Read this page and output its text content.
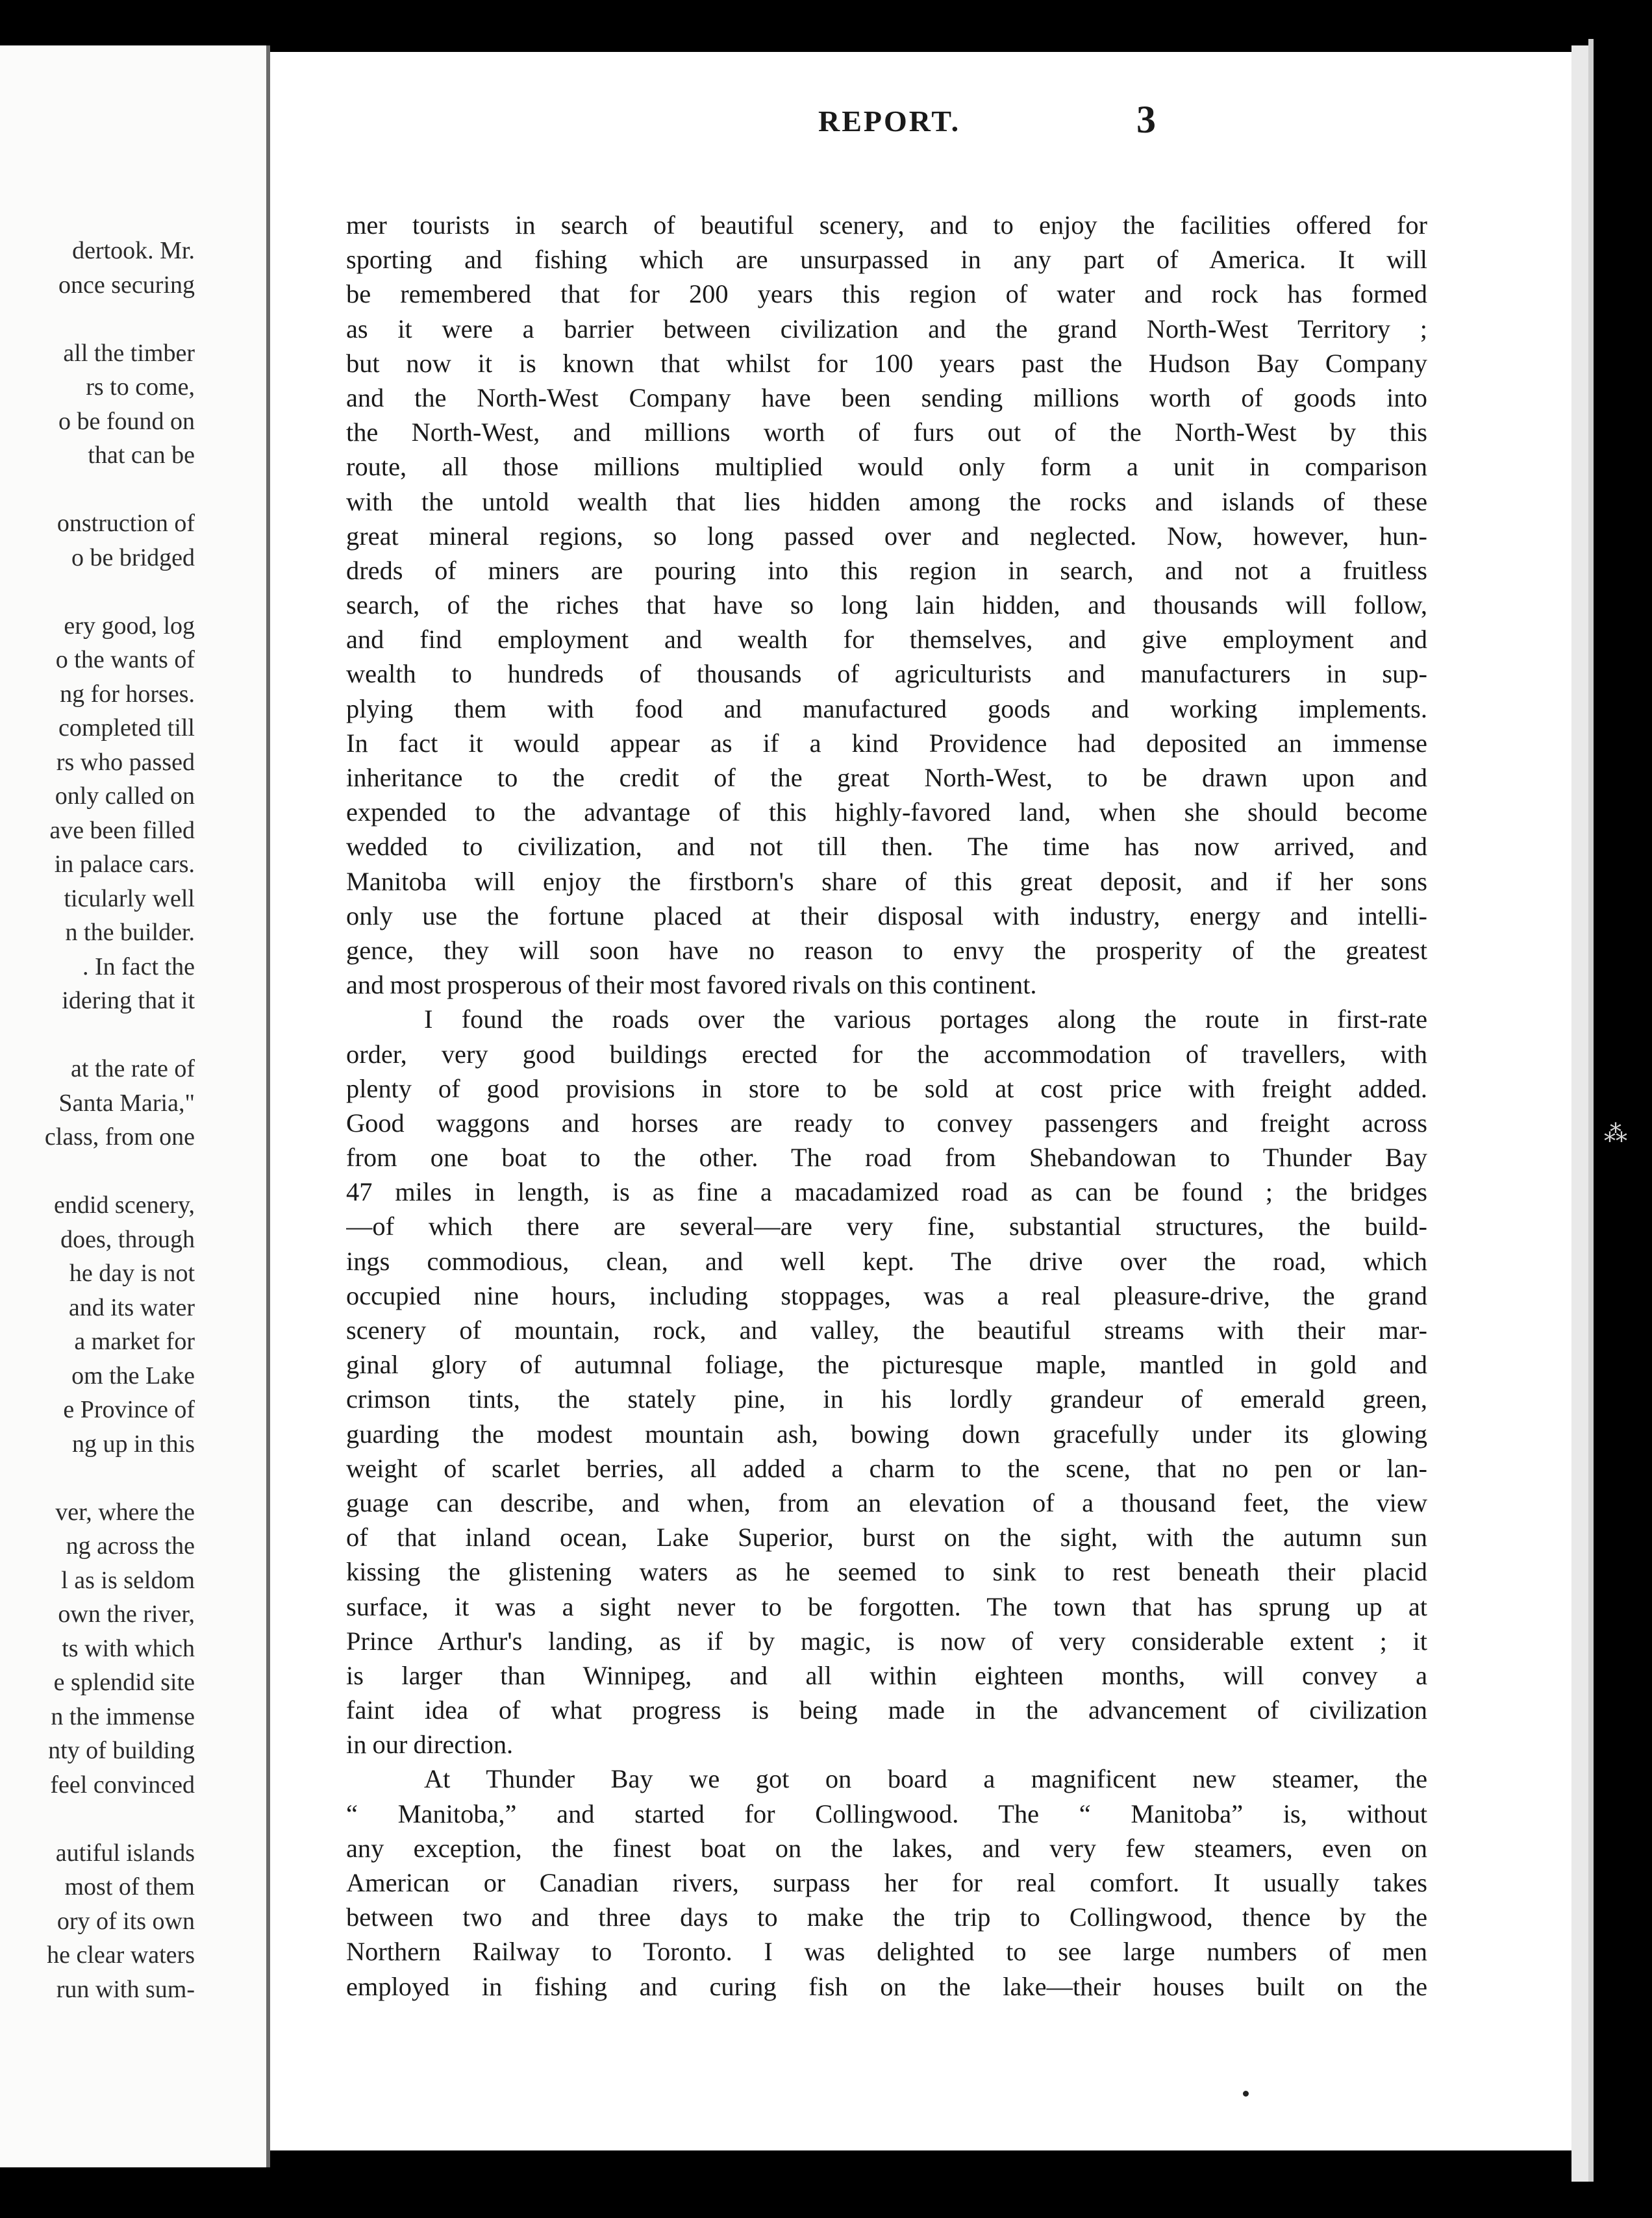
dertook. Mr.
once securing
all the timber
rs to come,
o be found on
that can be
onstruction of
o be bridged
ery good, log
o the wants of
ng for horses.
completed till
rs who passed
only called on
ave been filled
in palace cars.
ticularly well
n the builder.
. In fact the
idering that it
at the rate of
Santa Maria,"
class, from one
endid scenery,
does, through
he day is not
and its water
a market for
om the Lake
e Province of
ng up in this
ver, where the
ng across the
l as is seldom
own the river,
ts with which
e splendid site
n the immense
nty of building
feel convinced
autiful islands
most of them
ory of its own
he clear waters
run with sum-
REPORT.	3
mer tourists in search of beautiful scenery, and to enjoy the facilities offered for
sporting and fishing which are unsurpassed in any part of America. It will
be remembered that for 200 years this region of water and rock has formed
as it were a barrier between civilization and the grand North-West Territory ;
but now it is known that whilst for 100 years past the Hudson Bay Company
and the North-West Company have been sending millions worth of goods into
the North-West, and millions worth of furs out of the North-West by this
route, all those millions multiplied would only form a unit in comparison
with the untold wealth that lies hidden among the rocks and islands of these
great mineral regions, so long passed over and neglected. Now, however, hun-
dreds of miners are pouring into this region in search, and not a fruitless
search, of the riches that have so long lain hidden, and thousands will follow,
and find employment and wealth for themselves, and give employment and
wealth to hundreds of thousands of agriculturists and manufacturers in sup-
plying them with food and manufactured goods and working implements.
In fact it would appear as if a kind Providence had deposited an immense
inheritance to the credit of the great North-West, to be drawn upon and
expended to the advantage of this highly-favored land, when she should become
wedded to civilization, and not till then. The time has now arrived, and
Manitoba will enjoy the firstborn's share of this great deposit, and if her sons
only use the fortune placed at their disposal with industry, energy and intelli-
gence, they will soon have no reason to envy the prosperity of the greatest
and most prosperous of their most favored rivals on this continent.
I found the roads over the various portages along the route in first-rate
order, very good buildings erected for the accommodation of travellers, with
plenty of good provisions in store to be sold at cost price with freight added.
Good waggons and horses are ready to convey passengers and freight across
from one boat to the other. The road from Shebandowan to Thunder Bay
47 miles in length, is as fine a macadamized road as can be found ; the bridges
—of which there are several—are very fine, substantial structures, the build-
ings commodious, clean, and well kept. The drive over the road, which
occupied nine hours, including stoppages, was a real pleasure-drive, the grand
scenery of mountain, rock, and valley, the beautiful streams with their mar-
ginal glory of autumnal foliage, the picturesque maple, mantled in gold and
crimson tints, the stately pine, in his lordly grandeur of emerald green,
guarding the modest mountain ash, bowing down gracefully under its glowing
weight of scarlet berries, all added a charm to the scene, that no pen or lan-
guage can describe, and when, from an elevation of a thousand feet, the view
of that inland ocean, Lake Superior, burst on the sight, with the autumn sun
kissing the glistening waters as he seemed to sink to rest beneath their placid
surface, it was a sight never to be forgotten. The town that has sprung up at
Prince Arthur's landing, as if by magic, is now of very considerable extent ; it
is larger than Winnipeg, and all within eighteen months, will convey a
faint idea of what progress is being made in the advancement of civilization
in our direction.
At Thunder Bay we got on board a magnificent new steamer, the
“ Manitoba,” and started for Collingwood. The “ Manitoba” is, without
any exception, the finest boat on the lakes, and very few steamers, even on
American or Canadian rivers, surpass her for real comfort. It usually takes
between two and three days to make the trip to Collingwood, thence by the
Northern Railway to Toronto. I was delighted to see large numbers of men
employed in fishing and curing fish on the lake—their houses built on the
⁂
